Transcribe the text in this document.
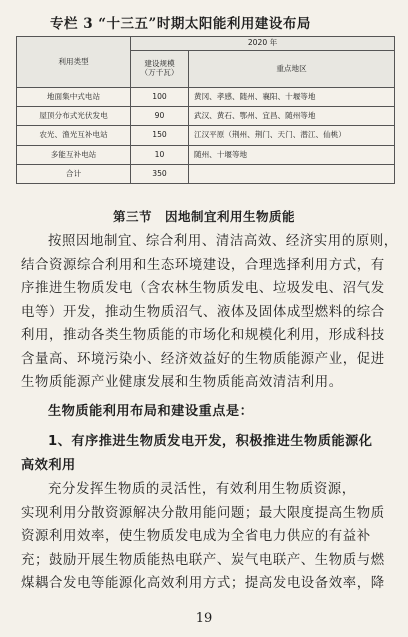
专栏 3 “十三五”时期太阳能利用建设布局
利用类型	2020 年	
	建设规模
（万千瓦）	重点地区
地面集中式电站	100	黄冈、孝感、随州、襄阳、十堰等地
屋顶分布式光伏发电	90	武汉、黄石、鄂州、宜昌、随州等地
农光、渔光互补电站	150	江汉平原（荆州、荆门、天门、潜江、仙桃）
多能互补电站	10	随州、十堰等地
合计	350	
第三节　因地制宜利用生物质能
按照因地制宜、综合利用、清洁高效、经济实用的原则，
结合资源综合利用和生态环境建设，合理选择利用方式，有
序推进生物质发电（含农林生物质发电、垃圾发电、沼气发
电等）开发，推动生物质沼气、液体及固体成型燃料的综合
利用，推动各类生物质能的市场化和规模化利用，形成科技
含量高、环境污染小、经济效益好的生物质能源产业，促进
生物质能源产业健康发展和生物质能高效清洁利用。
生物质能利用布局和建设重点是：
1、有序推进生物质发电开发，积极推进生物质能源化
高效利用
充分发挥生物质的灵活性，有效利用生物质资源，
实现利用分散资源解决分散用能问题；最大限度提高生物质
资源利用效率，使生物质发电成为全省电力供应的有益补
充；鼓励开展生物质能热电联产、炭气电联产、生物质与燃
煤耦合发电等能源化高效利用方式；提高发电设备效率，降
19
